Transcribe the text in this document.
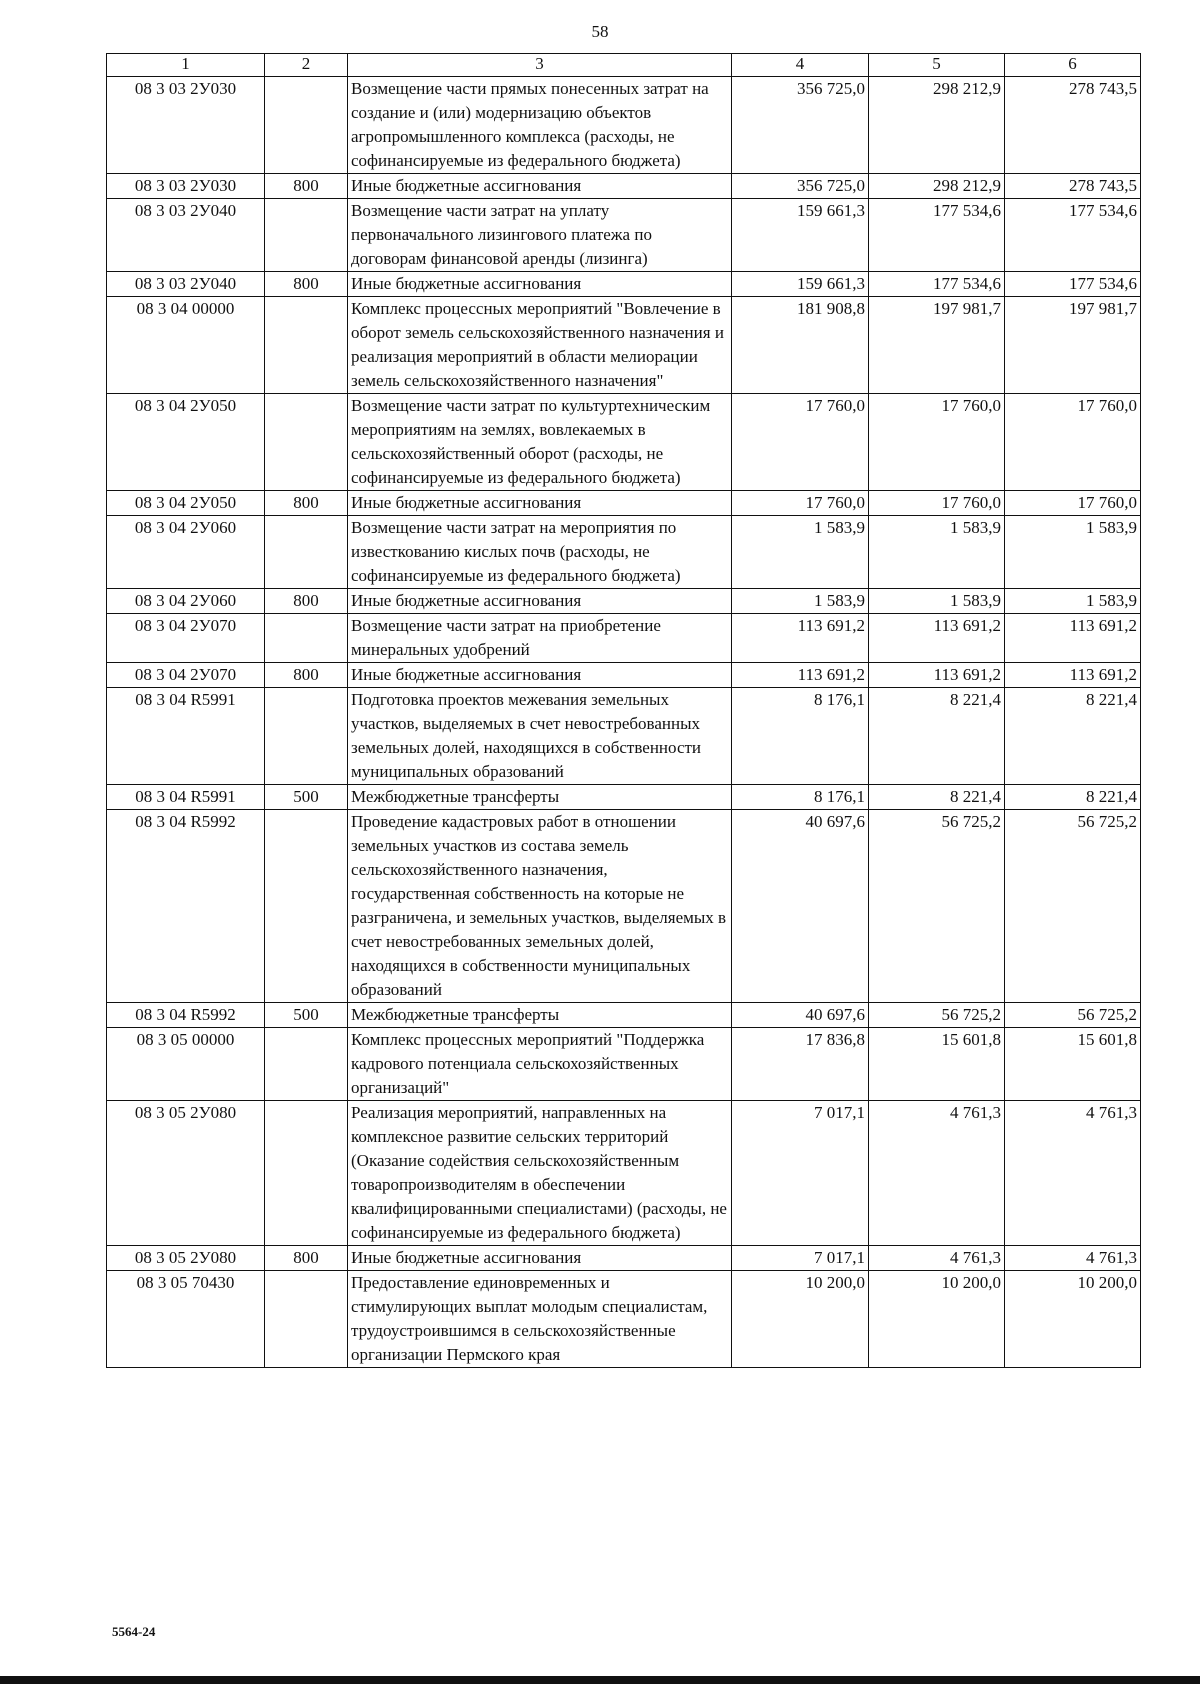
58
1	2	3	4	5	6
08 3 03 2У030		Возмещение части прямых понесенных затрат на создание и (или) модернизацию объектов агропромышленного комплекса (расходы, не софинансируемые из федерального бюджета)	356 725,0	298 212,9	278 743,5
08 3 03 2У030	800	Иные бюджетные ассигнования	356 725,0	298 212,9	278 743,5
08 3 03 2У040		Возмещение части затрат на уплату первоначального лизингового платежа по договорам финансовой аренды (лизинга)	159 661,3	177 534,6	177 534,6
08 3 03 2У040	800	Иные бюджетные ассигнования	159 661,3	177 534,6	177 534,6
08 3 04 00000		Комплекс процессных мероприятий "Вовлечение в оборот земель сельскохозяйственного назначения и реализация мероприятий в области мелиорации земель сельскохозяйственного назначения"	181 908,8	197 981,7	197 981,7
08 3 04 2У050		Возмещение части затрат по культуртехническим мероприятиям на землях, вовлекаемых в сельскохозяйственный оборот (расходы, не софинансируемые из федерального бюджета)	17 760,0	17 760,0	17 760,0
08 3 04 2У050	800	Иные бюджетные ассигнования	17 760,0	17 760,0	17 760,0
08 3 04 2У060		Возмещение части затрат на мероприятия по известкованию кислых почв (расходы, не софинансируемые из федерального бюджета)	1 583,9	1 583,9	1 583,9
08 3 04 2У060	800	Иные бюджетные ассигнования	1 583,9	1 583,9	1 583,9
08 3 04 2У070		Возмещение части затрат на приобретение минеральных удобрений	113 691,2	113 691,2	113 691,2
08 3 04 2У070	800	Иные бюджетные ассигнования	113 691,2	113 691,2	113 691,2
08 3 04 R5991		Подготовка проектов межевания земельных участков, выделяемых в счет невостребованных земельных долей, находящихся в собственности муниципальных образований	8 176,1	8 221,4	8 221,4
08 3 04 R5991	500	Межбюджетные трансферты	8 176,1	8 221,4	8 221,4
08 3 04 R5992		Проведение кадастровых работ в отношении земельных участков из состава земель сельскохозяйственного назначения, государственная собственность на которые не разграничена, и земельных участков, выделяемых в счет невостребованных земельных долей, находящихся в собственности муниципальных образований	40 697,6	56 725,2	56 725,2
08 3 04 R5992	500	Межбюджетные трансферты	40 697,6	56 725,2	56 725,2
08 3 05 00000		Комплекс процессных мероприятий "Поддержка кадрового потенциала сельскохозяйственных организаций"	17 836,8	15 601,8	15 601,8
08 3 05 2У080		Реализация мероприятий, направленных на комплексное развитие сельских территорий (Оказание содействия сельскохозяйственным товаропроизводителям в обеспечении квалифицированными специалистами) (расходы, не софинансируемые из федерального бюджета)	7 017,1	4 761,3	4 761,3
08 3 05 2У080	800	Иные бюджетные ассигнования	7 017,1	4 761,3	4 761,3
08 3 05 70430		Предоставление единовременных и стимулирующих выплат молодым специалистам, трудоустроившимся в сельскохозяйственные организации Пермского края	10 200,0	10 200,0	10 200,0
5564-24
